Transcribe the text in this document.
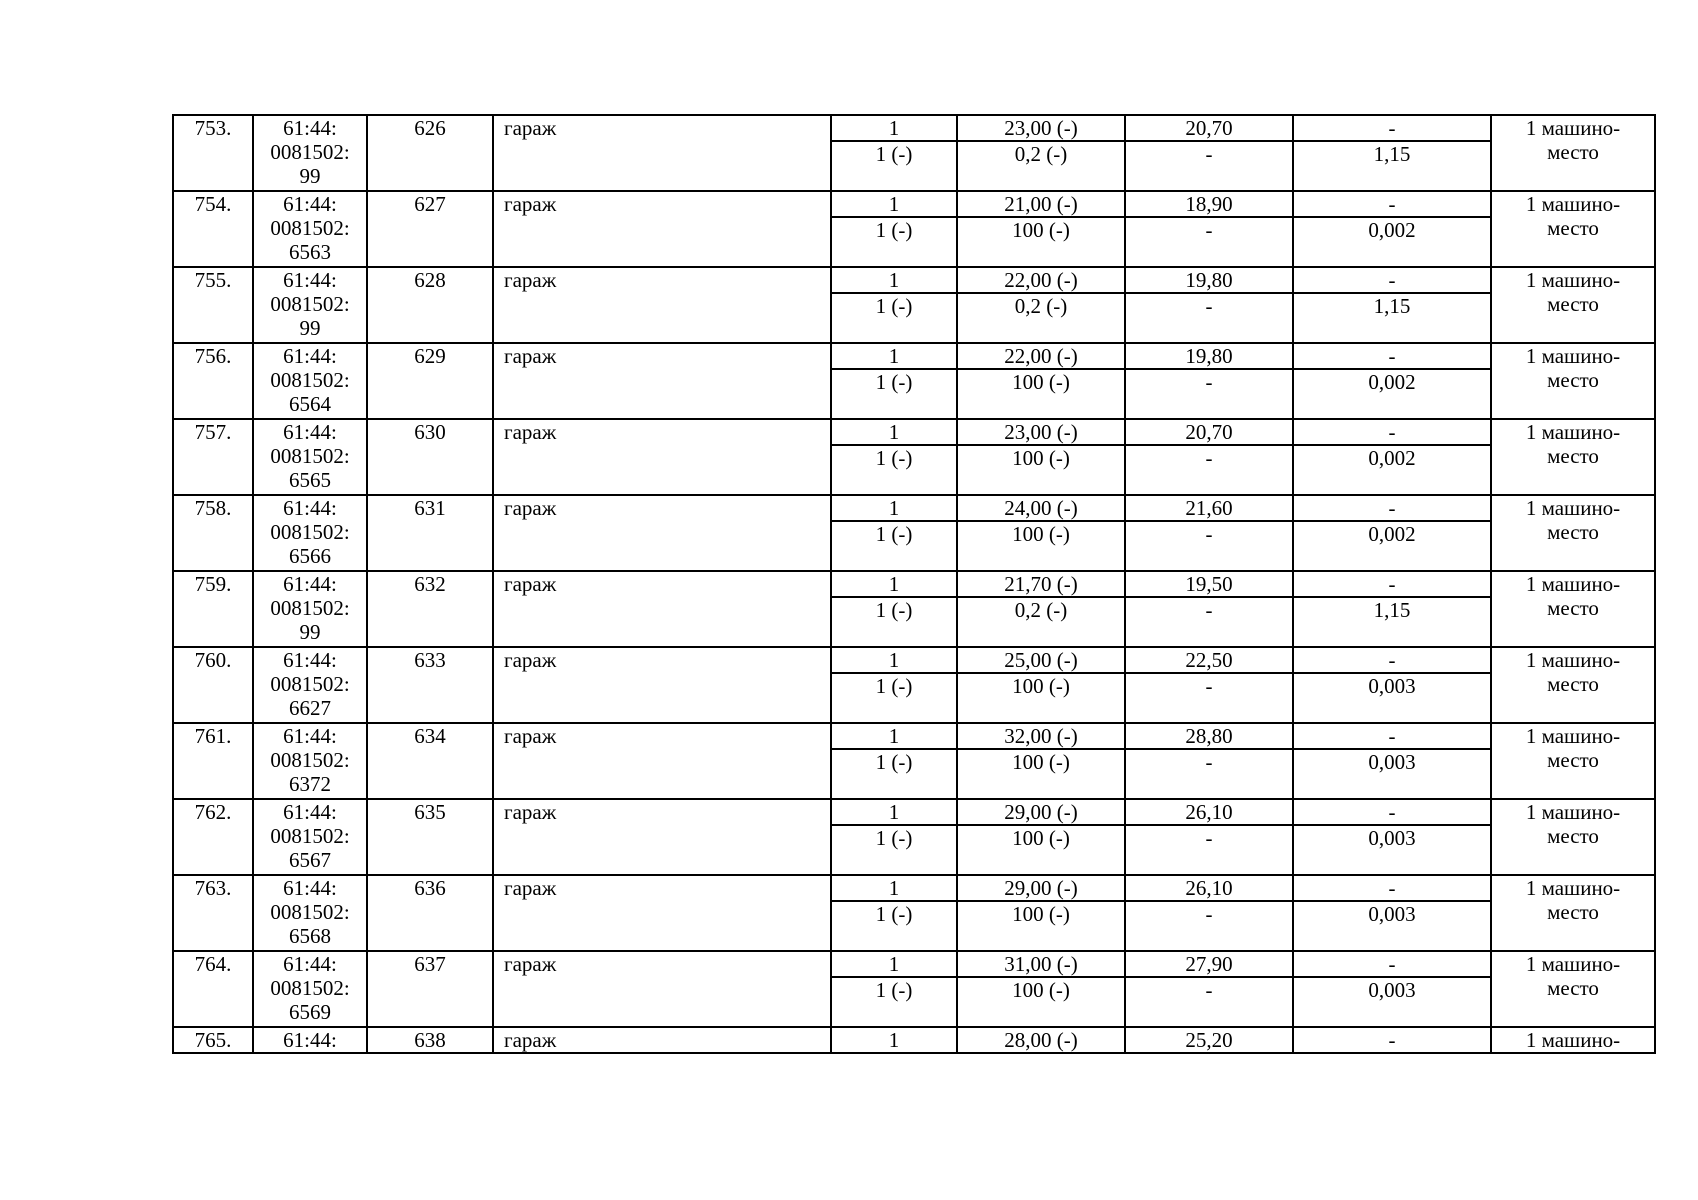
753.	61:44:
0081502:
99	626	гараж	1	23,00 (-)	20,70	-	1 машино-
место

				1 (-)	0,2 (-)	-	1,15	
754.	61:44:
0081502:
6563	627	гараж	1	21,00 (-)	18,90	-	1 машино-
место

				1 (-)	100 (-)	-	0,002	
755.	61:44:
0081502:
99	628	гараж	1	22,00 (-)	19,80	-	1 машино-
место

				1 (-)	0,2 (-)	-	1,15	
756.	61:44:
0081502:
6564	629	гараж	1	22,00 (-)	19,80	-	1 машино-
место

				1 (-)	100 (-)	-	0,002	
757.	61:44:
0081502:
6565	630	гараж	1	23,00 (-)	20,70	-	1 машино-
место

				1 (-)	100 (-)	-	0,002	
758.	61:44:
0081502:
6566	631	гараж	1	24,00 (-)	21,60	-	1 машино-
место

				1 (-)	100 (-)	-	0,002	
759.	61:44:
0081502:
99	632	гараж	1	21,70 (-)	19,50	-	1 машино-
место

				1 (-)	0,2 (-)	-	1,15	
760.	61:44:
0081502:
6627	633	гараж	1	25,00 (-)	22,50	-	1 машино-
место

				1 (-)	100 (-)	-	0,003	
761.	61:44:
0081502:
6372	634	гараж	1	32,00 (-)	28,80	-	1 машино-
место

				1 (-)	100 (-)	-	0,003	
762.	61:44:
0081502:
6567	635	гараж	1	29,00 (-)	26,10	-	1 машино-
место

				1 (-)	100 (-)	-	0,003	
763.	61:44:
0081502:
6568	636	гараж	1	29,00 (-)	26,10	-	1 машино-
место

				1 (-)	100 (-)	-	0,003	
764.	61:44:
0081502:
6569	637	гараж	1	31,00 (-)	27,90	-	1 машино-
место

				1 (-)	100 (-)	-	0,003	
765.	61:44:	638	гараж	1	28,00 (-)	25,20	-	1 машино-
